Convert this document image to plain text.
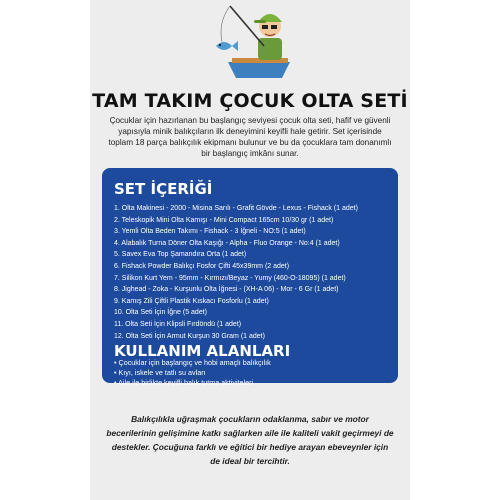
TAM TAKIM ÇOCUK OLTA SETİ
Çocuklar için hazırlanan bu başlangıç seviyesi çocuk olta seti, hafif ve güvenli yapısıyla minik balıkçıların ilk deneyimini keyifli hale getirir. Set içerisinde toplam 18 parça balıkçılık ekipmanı bulunur ve bu da çocuklara tam donanımlı bir başlangıç imkânı sunar.
SET İÇERİĞİ
1. Olta Makinesi - 2000 - Misina Sarılı - Grafit Gövde - Lexus - Fishack (1 adet)
2. Teleskopik Mini Olta Kamışı - Mini Compact 165cm 10/30 gr (1 adet)
3. Yemli Olta Beden Takımı - Fishack - 3 İğneli - NO:5 (1 adet)
4. Alabalık Turna Döner Olta Kaşığı - Alpha - Fluo Orange - No:4 (1 adet)
5. Savex Eva Top Şamandıra Orta (1 adet)
6. Fishack Powder Balıkçı Fosfor Çifti 45x39mm (2 adet)
7. Silikon Kurt Yem - 95mm - Kırmızı/Beyaz - Yumy (460-O-18095) (1 adet)
8. Jighead - Zoka - Kurşunlu Olta İğnesi - (XH-A 06) - Mor - 6 Gr (1 adet)
9. Kamış Zili Çiftli Plastik Kıskacı Fosforlu (1 adet)
10. Olta Seti İçin İğne (5 adet)
11. Olta Seti İçin Klipsli Fırdöndü (1 adet)
12. Olta Seti İçin Armut Kurşun 30 Gram (1 adet)
KULLANIM ALANLARI
• Çocuklar için başlangıç ve hobi amaçlı balıkçılık
• Kıyı, iskele ve tatlı su avları
• Aile ile birlikte keyifli balık tutma aktiviteleri
Balıkçılıkla uğraşmak çocukların odaklanma, sabır ve motor becerilerinin gelişimine katkı sağlarken aile ile kaliteli vakit geçirmeyi de destekler. Çocuğuna farklı ve eğitici bir hediye arayan ebeveynler için de ideal bir tercihtir.
